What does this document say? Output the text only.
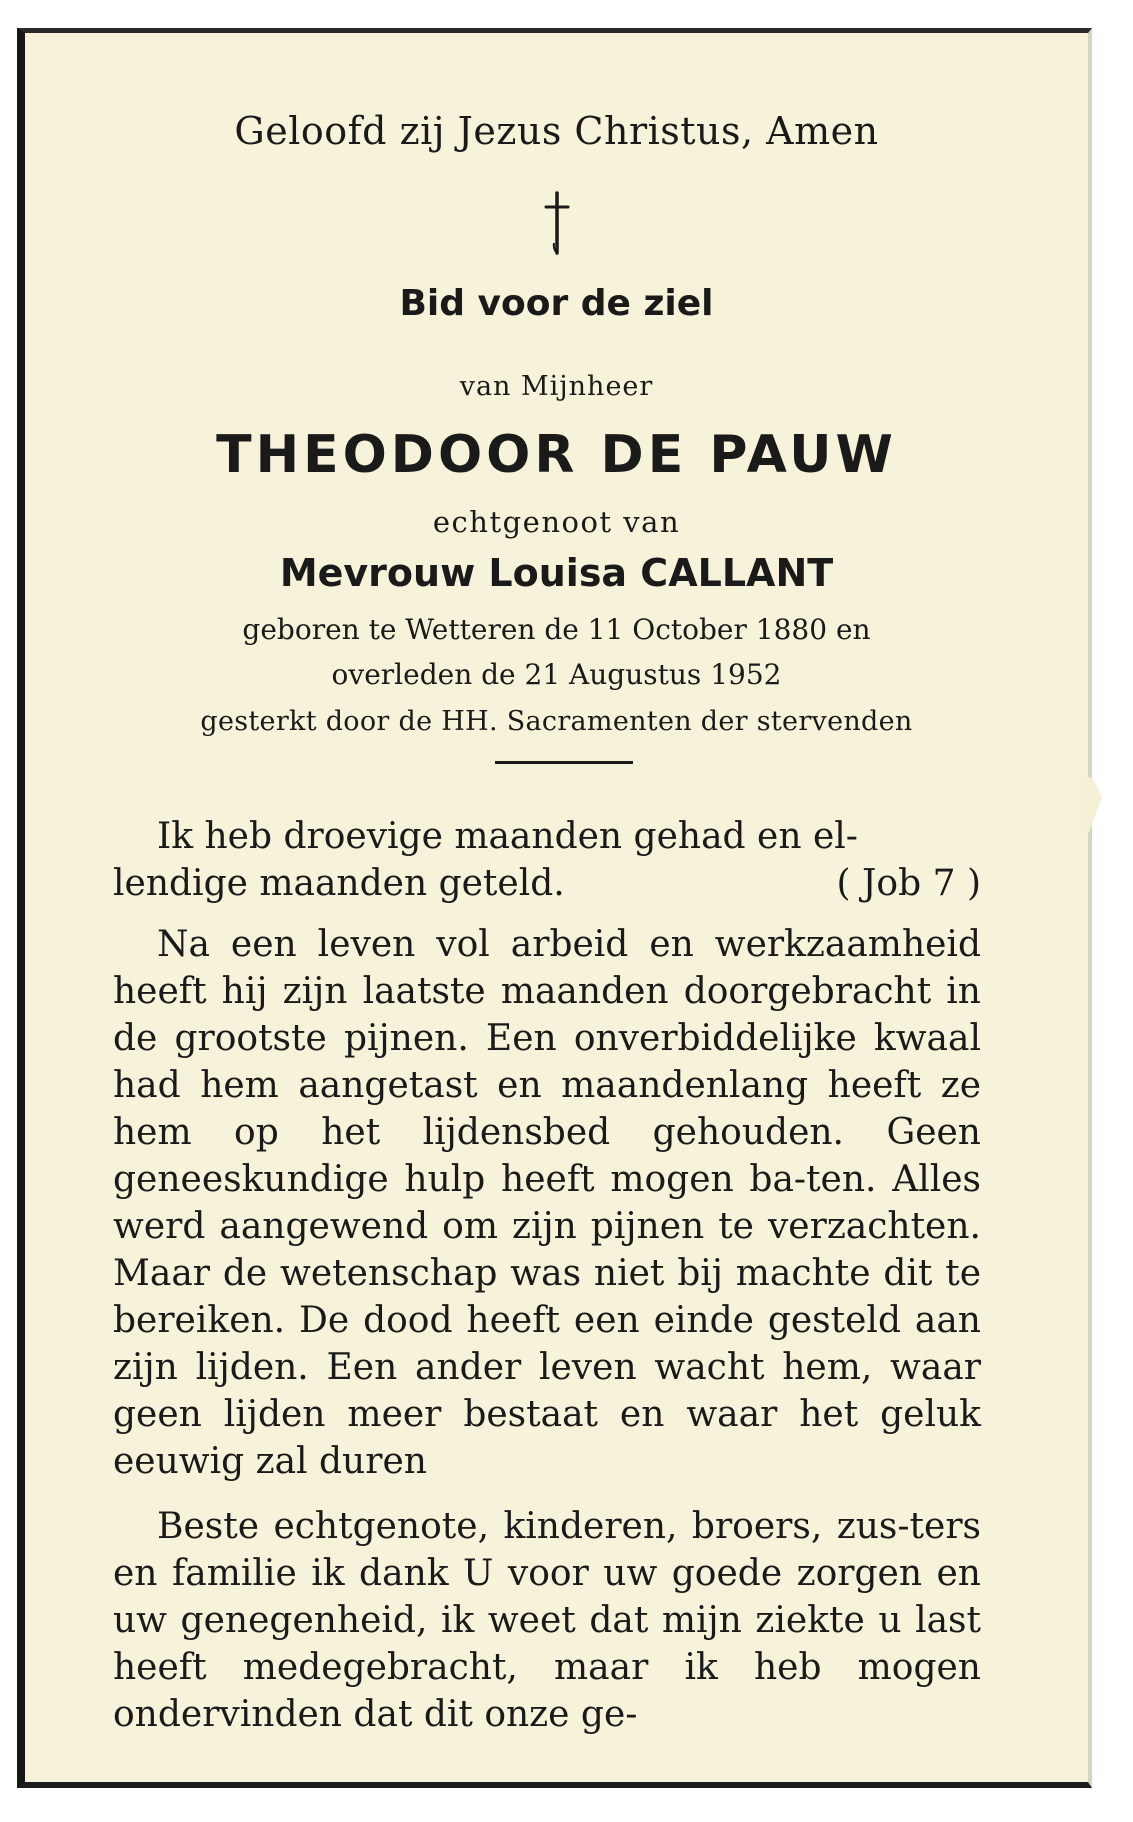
Geloofd zij Jezus Christus, Amen
Bid voor de ziel
van Mijnheer
THEODOOR DE PAUW
echtgenoot van
Mevrouw Louisa CALLANT
geboren te Wetteren de 11 October 1880 en
overleden de 21 Augustus 1952
gesterkt door de HH. Sacramenten der stervenden
Ik heb droevige maanden gehad en el-
lendige maanden geteld.	( Job 7 )
Na een leven vol arbeid en werkzaamheid heeft hij zijn laatste maanden doorgebracht in de grootste pijnen. Een onverbiddelijke kwaal had hem aangetast en maandenlang heeft ze hem op het lijdensbed gehouden. Geen geneeskundige hulp heeft mogen ba-ten. Alles werd aangewend om zijn pijnen te verzachten. Maar de wetenschap was niet bij machte dit te bereiken. De dood heeft een einde gesteld aan zijn lijden. Een ander leven wacht hem, waar geen lijden meer bestaat en waar het geluk eeuwig zal duren
Beste echtgenote, kinderen, broers, zus-ters en familie ik dank U voor uw goede zorgen en uw genegenheid, ik weet dat mijn ziekte u last heeft medegebracht, maar ik heb mogen ondervinden dat dit onze ge-
